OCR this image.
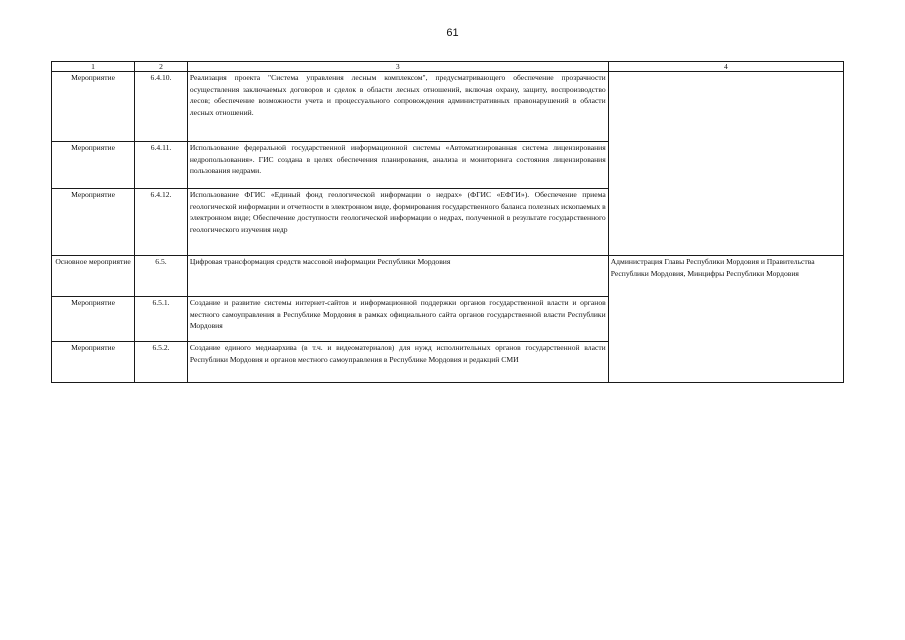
61
1	2	3	4
Мероприятие	6.4.10.	Реализация проекта "Система управления лесным комплексом", предусматривающего обеспечение прозрачности осуществления заключаемых договоров и сделок в области лесных отношений, включая охрану, защиту, воспроизводство лесов; обеспечение возможности учета и процессуального сопровождения административных правонарушений в области лесных отношений.	
Мероприятие	6.4.11.	Использование федеральной государственной информационной системы «Автоматизированная система лицензирования недропользования». ГИС создана в целях обеспечения планирования, анализа и мониторинга состояния лицензирования пользования недрами.	
Мероприятие	6.4.12.	Использование ФГИС «Единый фонд геологической информации о недрах» (ФГИС «ЕФГИ»). Обеспечение приема геологической информации и отчетности в электронном виде, формирования государственного баланса полезных ископаемых в электронном виде; Обеспечение доступности геологической информации о недрах, полученной в результате государственного геологического изучения недр	
Основное мероприятие	6.5.	Цифровая трансформация средств массовой информации Республики Мордовия	Администрация Главы Республики Мордовия и Правительства Республики Мордовия, Минцифры Республики Мордовия
Мероприятие	6.5.1.	Создание и развитие системы интернет-сайтов и информационной поддержки органов государственной власти и органов местного самоуправления в Республике Мордовия в рамках официального сайта органов государственной власти Республики Мордовия	
Мероприятие	6.5.2.	Создание единого медиаархива (в т.ч. и видеоматериалов) для нужд исполнительных органов государственной власти Республики Мордовия и органов местного самоуправления в Республике Мордовия и редакций СМИ	
